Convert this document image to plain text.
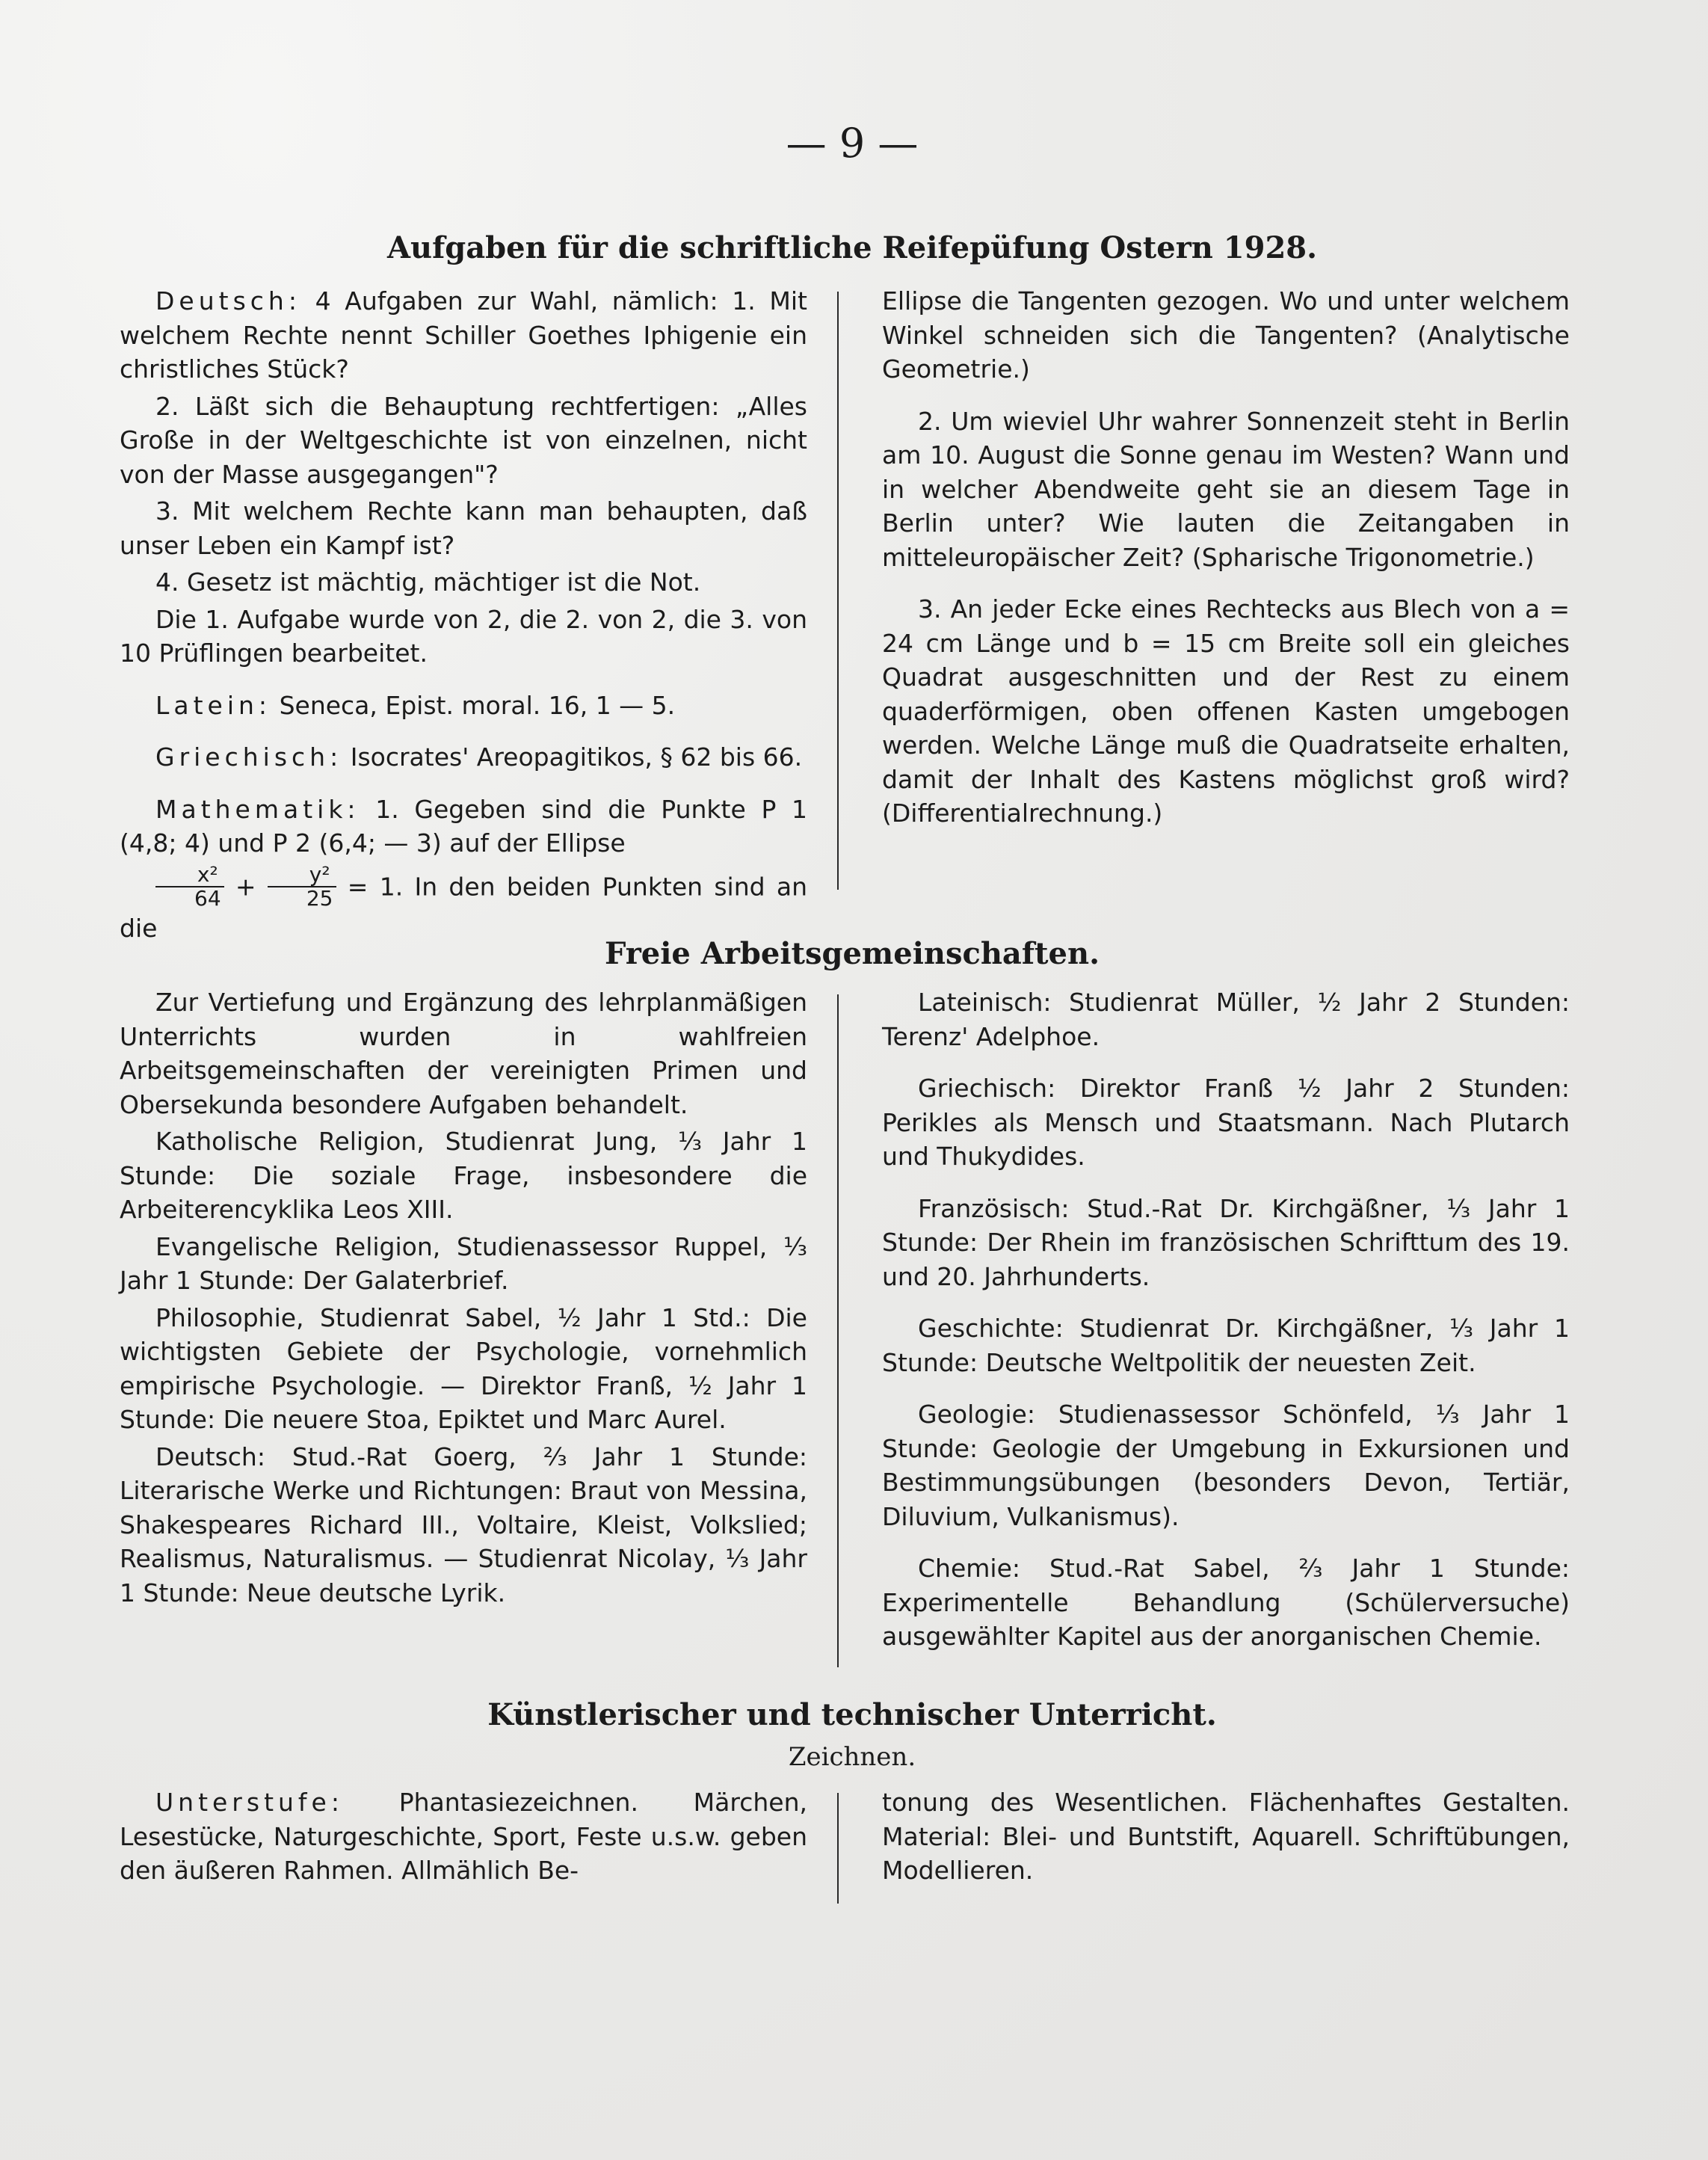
— 9 —
Aufgaben für die schriftliche Reifepüfung Ostern 1928.

Deutsch: 4 Aufgaben zur Wahl, nämlich: 1. Mit welchem Rechte nennt Schiller Goethes Iphigenie ein christliches Stück?

2. Läßt sich die Behauptung rechtfertigen: „Alles Große in der Weltgeschichte ist von einzelnen, nicht von der Masse ausgegangen"?

3. Mit welchem Rechte kann man behaupten, daß unser Leben ein Kampf ist?

4. Gesetz ist mächtig, mächtiger ist die Not.

Die 1. Aufgabe wurde von 2, die 2. von 2, die 3. von 10 Prüflingen bearbeitet.

Latein: Seneca, Epist. moral. 16, 1 — 5.

Griechisch: Isocrates' Areopagitikos, § 62 bis 66.

Mathematik: 1. Gegeben sind die Punkte P 1 (4,8; 4) und P 2 (6,4; — 3) auf der Ellipse

$\frac{\text{x²}}{64} + \frac{\text{y²}}{25} = 1$. In den beiden Punkten sind an die

Ellipse die Tangenten gezogen. Wo und unter welchem Winkel schneiden sich die Tangenten? (Analytische Geometrie.)

2. Um wieviel Uhr wahrer Sonnenzeit steht in Berlin am 10. August die Sonne genau im Westen? Wann und in welcher Abendweite geht sie an diesem Tage in Berlin unter? Wie lauten die Zeitangaben in mitteleuropäischer Zeit? (Spharische Trigonometrie.)

3. An jeder Ecke eines Rechtecks aus Blech von a = 24 cm Länge und b = 15 cm Breite soll ein gleiches Quadrat ausgeschnitten und der Rest zu einem quaderförmigen, oben offenen Kasten umgebogen werden. Welche Länge muß die Quadratseite erhalten, damit der Inhalt des Kastens möglichst groß wird? (Differentialrechnung.)

Freie Arbeitsgemeinschaften.

Zur Vertiefung und Ergänzung des lehrplanmäßigen Unterrichts wurden in wahlfreien Arbeitsgemeinschaften der vereinigten Primen und Obersekunda besondere Aufgaben behandelt.

Katholische Religion, Studienrat Jung, ⅓ Jahr 1 Stunde: Die soziale Frage, insbesondere die Arbeiterencyklika Leos XIII.

Evangelische Religion, Studienassessor Ruppel, ⅓ Jahr 1 Stunde: Der Galaterbrief.

Philosophie, Studienrat Sabel, ½ Jahr 1 Std.: Die wichtigsten Gebiete der Psychologie, vornehmlich empirische Psychologie. — Direktor Franß, ½ Jahr 1 Stunde: Die neuere Stoa, Epiktet und Marc Aurel.

Deutsch: Stud.-Rat Goerg, ⅔ Jahr 1 Stunde: Literarische Werke und Richtungen: Braut von Messina, Shakespeares Richard III., Voltaire, Kleist, Volkslied; Realismus, Naturalismus. — Studienrat Nicolay, ⅓ Jahr 1 Stunde: Neue deutsche Lyrik.

Lateinisch: Studienrat Müller, ½ Jahr 2 Stunden: Terenz' Adelphoe.

Griechisch: Direktor Franß ½ Jahr 2 Stunden: Perikles als Mensch und Staatsmann. Nach Plutarch und Thukydides.

Französisch: Stud.-Rat Dr. Kirchgäßner, ⅓ Jahr 1 Stunde: Der Rhein im französischen Schrifttum des 19. und 20. Jahrhunderts.

Geschichte: Studienrat Dr. Kirchgäßner, ⅓ Jahr 1 Stunde: Deutsche Weltpolitik der neuesten Zeit.

Geologie: Studienassessor Schönfeld, ⅓ Jahr 1 Stunde: Geologie der Umgebung in Exkursionen und Bestimmungsübungen (besonders Devon, Tertiär, Diluvium, Vulkanismus).

Chemie: Stud.-Rat Sabel, ⅔ Jahr 1 Stunde: Experimentelle Behandlung (Schülerversuche) ausgewählter Kapitel aus der anorganischen Chemie.

Künstlerischer und technischer Unterricht.
Zeichnen.

Unterstufe: Phantasiezeichnen. Märchen, Lesestücke, Naturgeschichte, Sport, Feste u.s.w. geben den äußeren Rahmen. Allmählich Be-

tonung des Wesentlichen. Flächenhaftes Gestalten. Material: Blei- und Buntstift, Aquarell. Schriftübungen, Modellieren.
